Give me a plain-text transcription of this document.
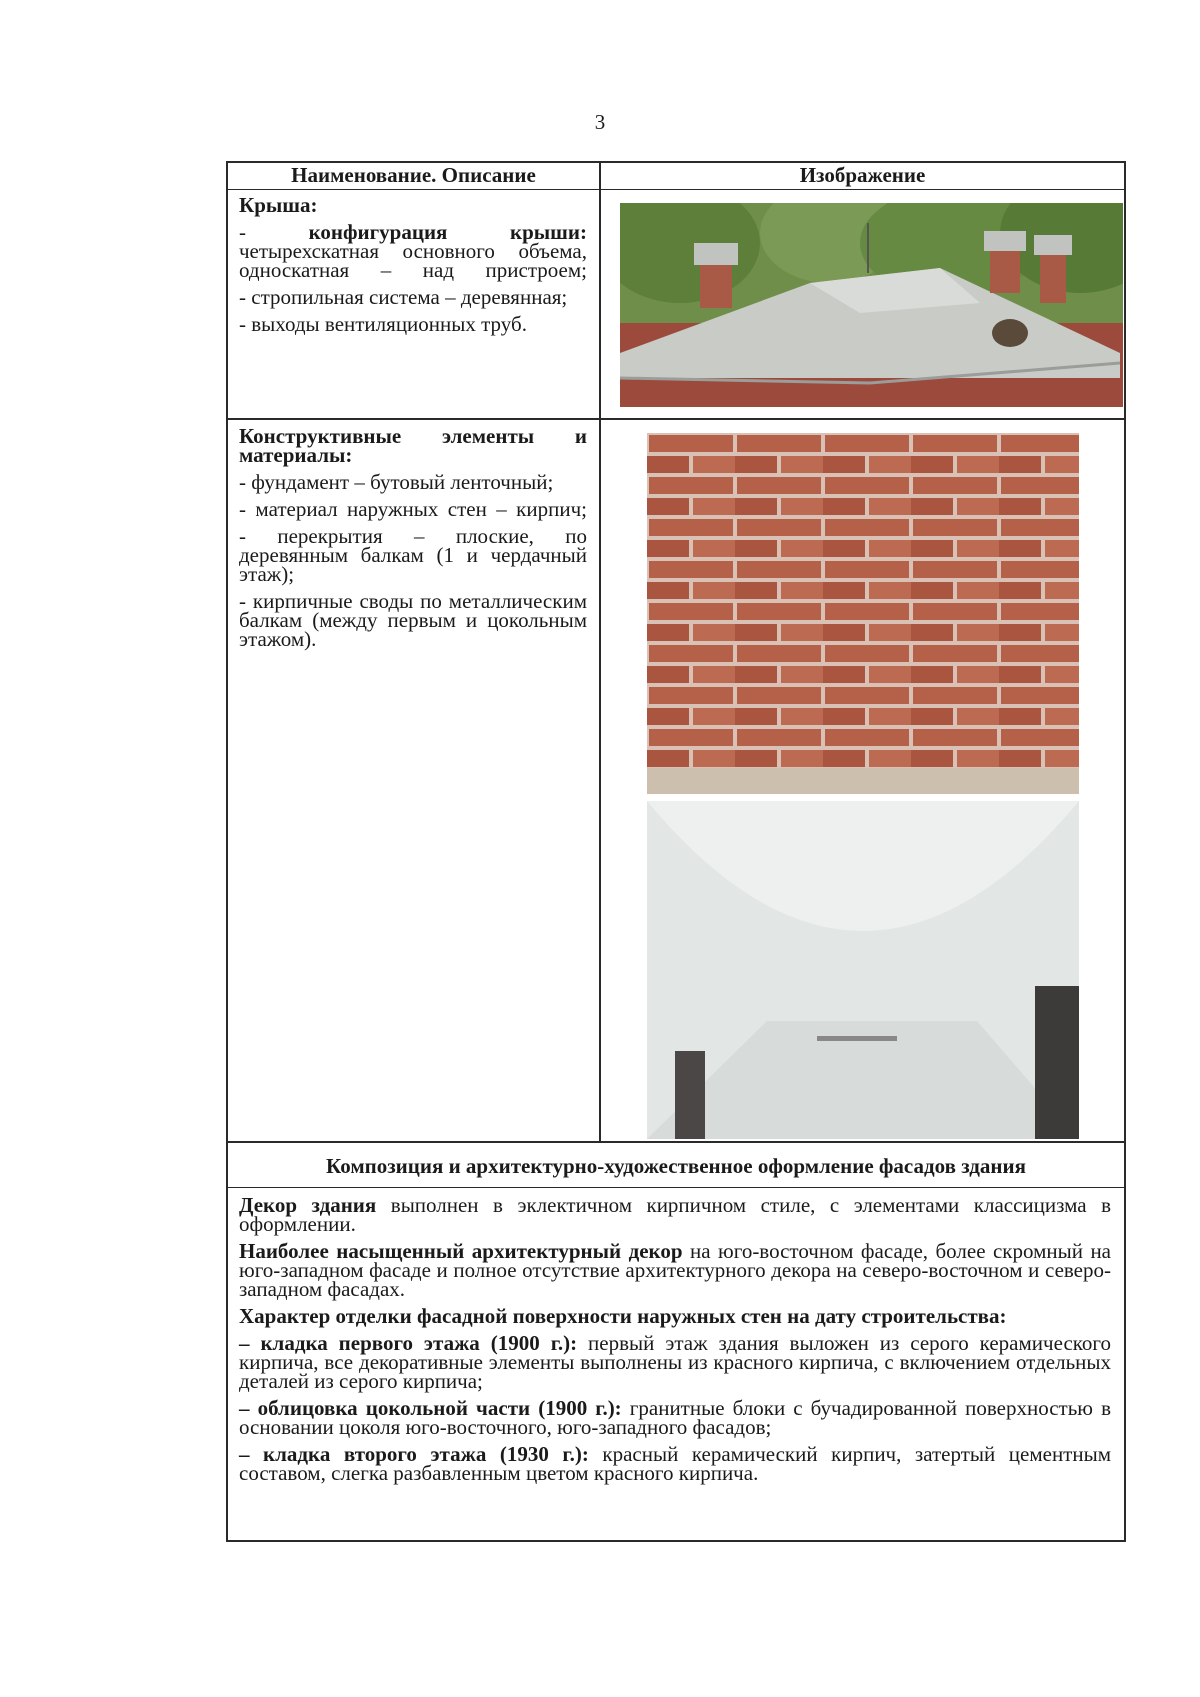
3
Наименование. Описание	Изображение
Крыша:
- конфигурация крыши: четырехскатная основного объема, односкатная – над пристроем;
- стропильная система – деревянная;
- выходы вентиляционных труб.
Конструктивные элементы и материалы:
- фундамент – бутовый ленточный;
- материал наружных стен – кирпич;
- перекрытия – плоские, по деревянным балкам (1 и чердачный этаж);
- кирпичные своды по металлическим балкам (между первым и цокольным этажом).
Композиция и архитектурно-художественное оформление фасадов здания
Декор здания выполнен в эклектичном кирпичном стиле, с элементами классицизма в оформлении.
Наиболее насыщенный архитектурный декор на юго-восточном фасаде, более скромный на юго-западном фасаде и полное отсутствие архитектурного декора на северо-восточном и северо-западном фасадах.
Характер отделки фасадной поверхности наружных стен на дату строительства:
– кладка первого этажа (1900 г.): первый этаж здания выложен из серого керамического кирпича, все декоративные элементы выполнены из красного кирпича, с включением отдельных деталей из серого кирпича;
– облицовка цокольной части (1900 г.): гранитные блоки с бучадированной поверхностью в основании цоколя юго-восточного, юго-западного фасадов;
– кладка второго этажа (1930 г.): красный керамический кирпич, затертый цементным составом, слегка разбавленным цветом красного кирпича.
